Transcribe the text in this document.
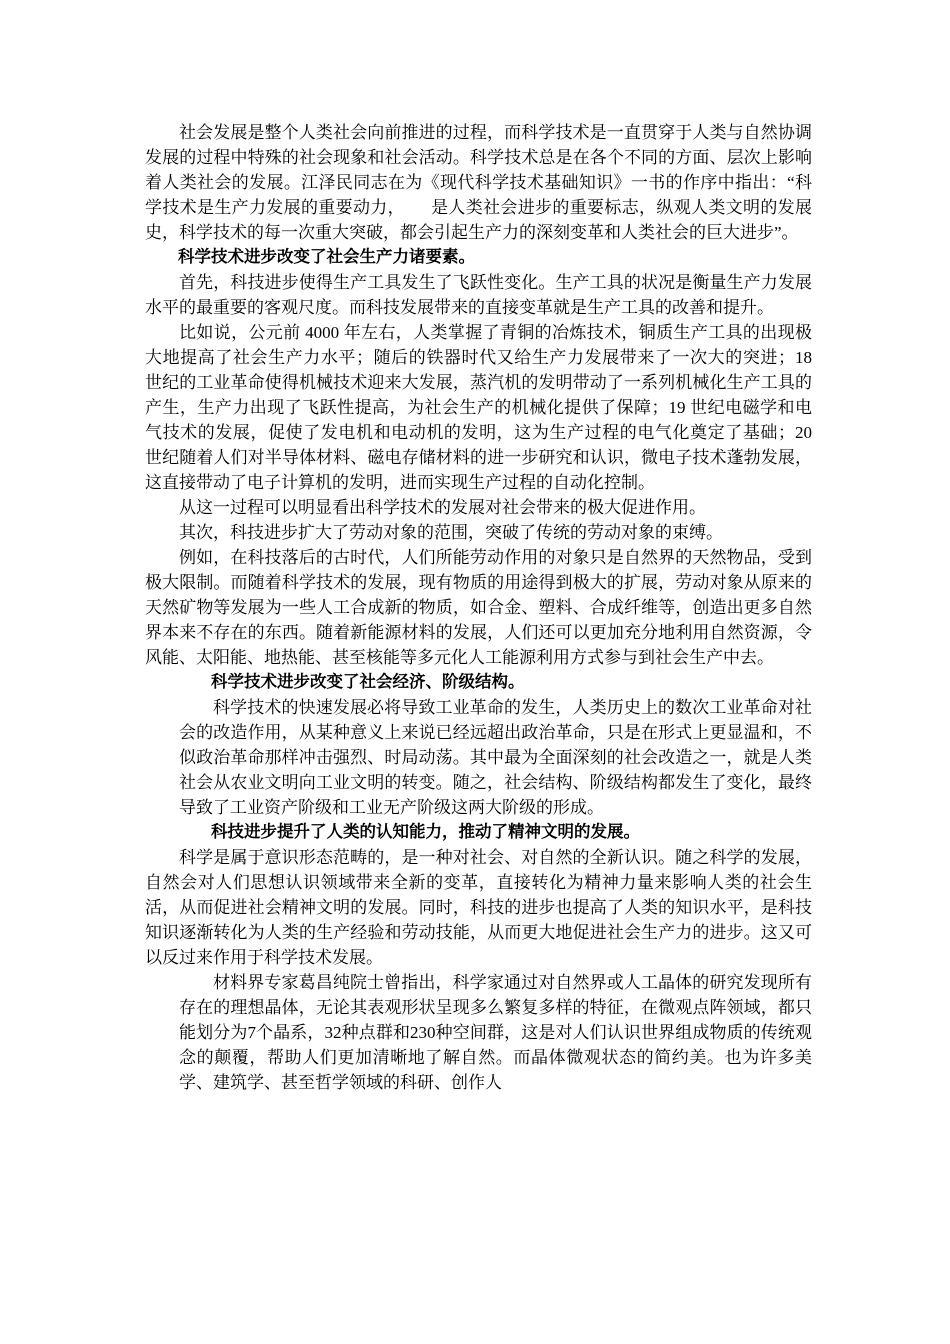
社会发展是整个人类社会向前推进的过程，而科学技术是一直贯穿于人类与自然协调发展的过程中特殊的社会现象和社会活动。科学技术总是在各个不同的方面、层次上影响着人类社会的发展。江泽民同志在为《现代科学技术基础知识》一书的作序中指出：“科学技术是生产力发展的重要动力，　　是人类社会进步的重要标志，纵观人类文明的发展史，科学技术的每一次重大突破，都会引起生产力的深刻变革和人类社会的巨大进步”。

科学技术进步改变了社会生产力诸要素。

首先，科技进步使得生产工具发生了飞跃性变化。生产工具的状况是衡量生产力发展水平的最重要的客观尺度。而科技发展带来的直接变革就是生产工具的改善和提升。

比如说，公元前 4000 年左右，人类掌握了青铜的冶炼技术，铜质生产工具的出现极大地提高了社会生产力水平；随后的铁器时代又给生产力发展带来了一次大的突进；18 世纪的工业革命使得机械技术迎来大发展，蒸汽机的发明带动了一系列机械化生产工具的产生，生产力出现了飞跃性提高，为社会生产的机械化提供了保障；19 世纪电磁学和电气技术的发展，促使了发电机和电动机的发明，这为生产过程的电气化奠定了基础；20 世纪随着人们对半导体材料、磁电存储材料的进一步研究和认识，微电子技术蓬勃发展，这直接带动了电子计算机的发明，进而实现生产过程的自动化控制。

从这一过程可以明显看出科学技术的发展对社会带来的极大促进作用。

其次，科技进步扩大了劳动对象的范围，突破了传统的劳动对象的束缚。

例如，在科技落后的古时代，人们所能劳动作用的对象只是自然界的天然物品，受到极大限制。而随着科学技术的发展，现有物质的用途得到极大的扩展，劳动对象从原来的天然矿物等发展为一些人工合成新的物质，如合金、塑料、合成纤维等，创造出更多自然界本来不存在的东西。随着新能源材料的发展，人们还可以更加充分地利用自然资源，令风能、太阳能、地热能、甚至核能等多元化人工能源利用方式参与到社会生产中去。

科学技术进步改变了社会经济、阶级结构。

科学技术的快速发展必将导致工业革命的发生，人类历史上的数次工业革命对社会的改造作用，从某种意义上来说已经远超出政治革命，只是在形式上更显温和，不似政治革命那样冲击强烈、时局动荡。其中最为全面深刻的社会改造之一，就是人类社会从农业文明向工业文明的转变。随之，社会结构、阶级结构都发生了变化，最终导致了工业资产阶级和工业无产阶级这两大阶级的形成。

科技进步提升了人类的认知能力，推动了精神文明的发展。

科学是属于意识形态范畴的，是一种对社会、对自然的全新认识。随之科学的发展，自然会对人们思想认识领域带来全新的变革，直接转化为精神力量来影响人类的社会生活，从而促进社会精神文明的发展。同时，科技的进步也提高了人类的知识水平，是科技知识逐渐转化为人类的生产经验和劳动技能，从而更大地促进社会生产力的进步。这又可以反过来作用于科学技术发展。

材料界专家葛昌纯院士曾指出，科学家通过对自然界或人工晶体的研究发现所有存在的理想晶体，无论其表观形状呈现多么繁复多样的特征，在微观点阵领域，都只能划分为7个晶系，32种点群和230种空间群，这是对人们认识世界组成物质的传统观念的颠覆，帮助人们更加清晰地了解自然。而晶体微观状态的简约美。也为许多美学、建筑学、甚至哲学领域的科研、创作人
